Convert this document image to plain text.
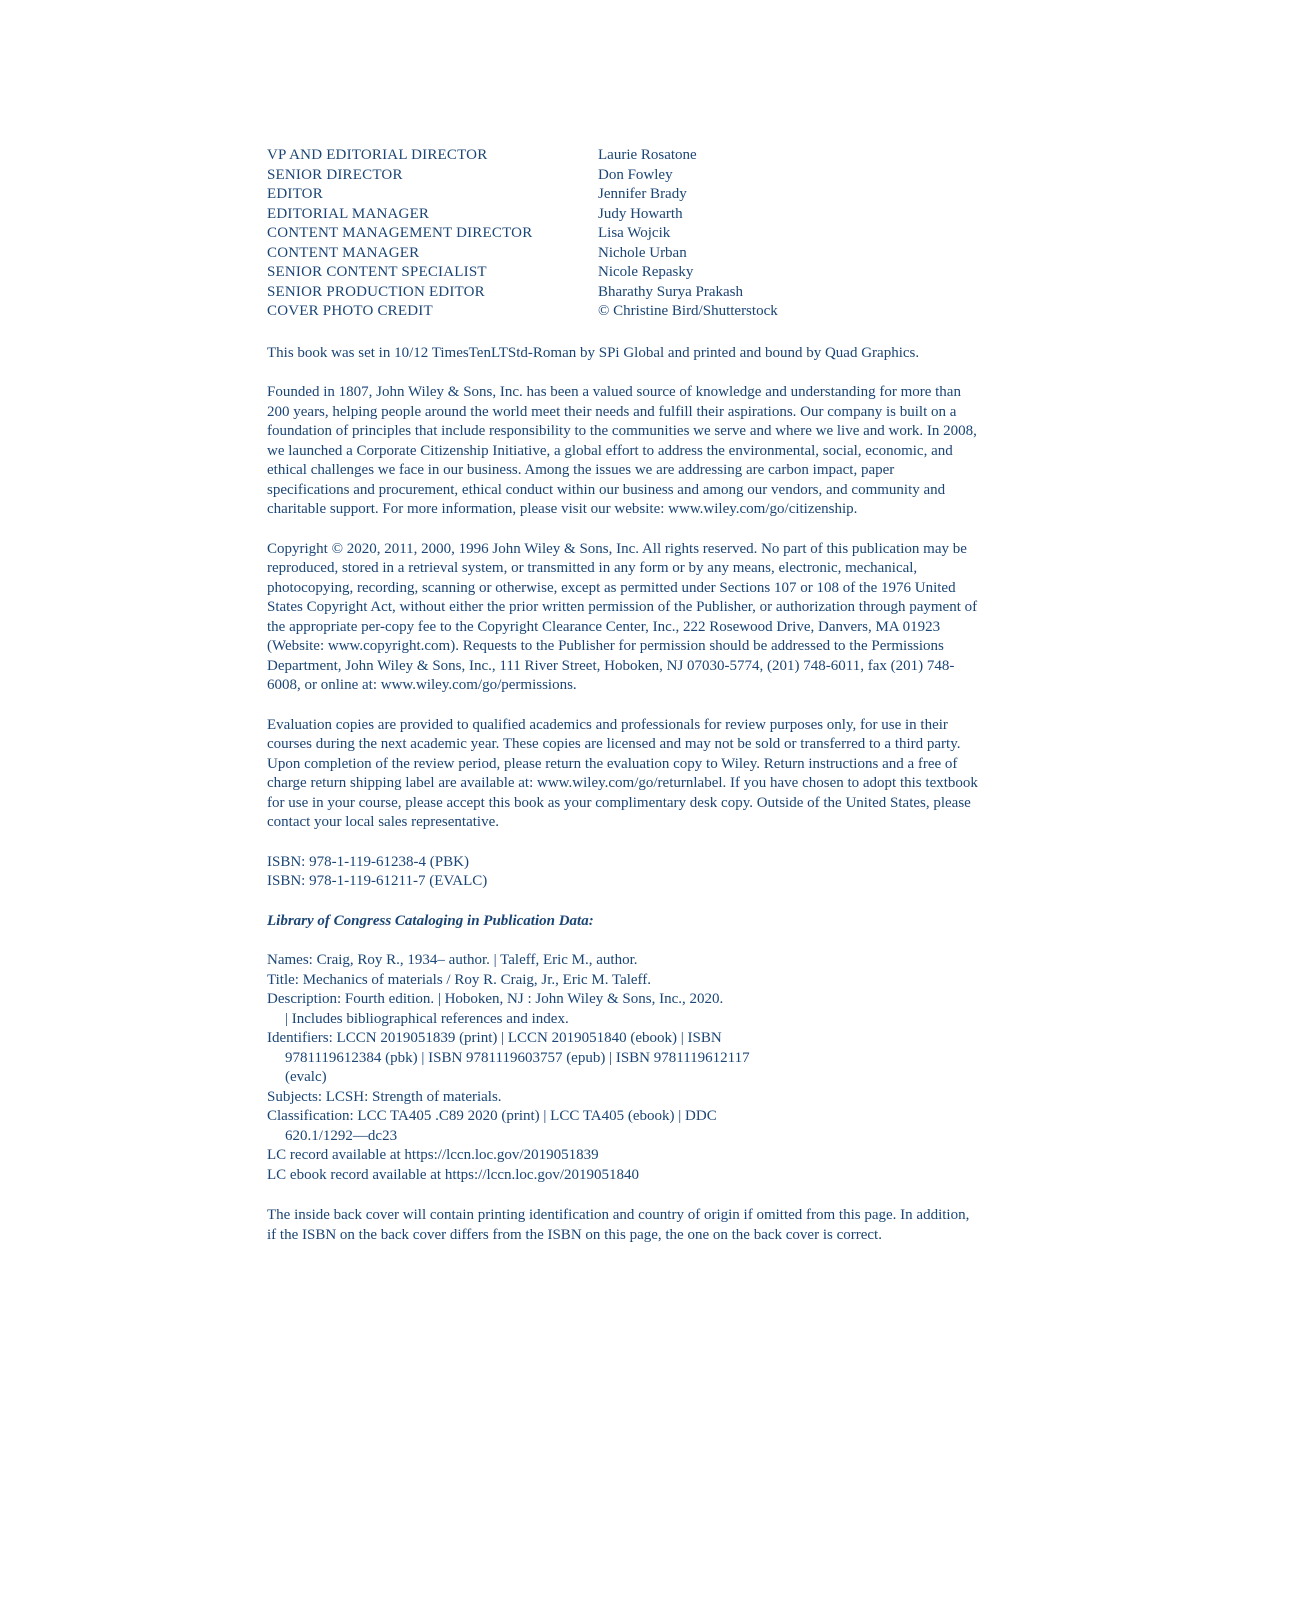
VP AND EDITORIAL DIRECTOR	Laurie Rosatone
SENIOR DIRECTOR	Don Fowley
EDITOR	Jennifer Brady
EDITORIAL MANAGER	Judy Howarth
CONTENT MANAGEMENT DIRECTOR	Lisa Wojcik
CONTENT MANAGER	Nichole Urban
SENIOR CONTENT SPECIALIST	Nicole Repasky
SENIOR PRODUCTION EDITOR	Bharathy Surya Prakash
COVER PHOTO CREDIT	© Christine Bird/Shutterstock

This book was set in 10/12 TimesTenLTStd-Roman by SPi Global and printed and bound by Quad Graphics.

Founded in 1807, John Wiley & Sons, Inc. has been a valued source of knowledge and understanding for more than 200 years, helping people around the world meet their needs and fulfill their aspirations. Our company is built on a foundation of principles that include responsibility to the communities we serve and where we live and work. In 2008, we launched a Corporate Citizenship Initiative, a global effort to address the environmental, social, economic, and ethical challenges we face in our business. Among the issues we are addressing are carbon impact, paper specifications and procurement, ethical conduct within our business and among our vendors, and community and charitable support. For more information, please visit our website: www.wiley.com/go/citizenship.

Copyright © 2020, 2011, 2000, 1996 John Wiley & Sons, Inc. All rights reserved. No part of this publication may be reproduced, stored in a retrieval system, or transmitted in any form or by any means, electronic, mechanical, photocopying, recording, scanning or otherwise, except as permitted under Sections 107 or 108 of the 1976 United States Copyright Act, without either the prior written permission of the Publisher, or authorization through payment of the appropriate per-copy fee to the Copyright Clearance Center, Inc., 222 Rosewood Drive, Danvers, MA 01923 (Website: www.copyright.com). Requests to the Publisher for permission should be addressed to the Permissions Department, John Wiley & Sons, Inc., 111 River Street, Hoboken, NJ 07030-5774, (201) 748-6011, fax (201) 748-6008, or online at: www.wiley.com/go/permissions.

Evaluation copies are provided to qualified academics and professionals for review purposes only, for use in their courses during the next academic year. These copies are licensed and may not be sold or transferred to a third party. Upon completion of the review period, please return the evaluation copy to Wiley. Return instructions and a free of charge return shipping label are available at: www.wiley.com/go/returnlabel. If you have chosen to adopt this textbook for use in your course, please accept this book as your complimentary desk copy. Outside of the United States, please contact your local sales representative.

ISBN: 978-1-119-61238-4 (PBK)
ISBN: 978-1-119-61211-7 (EVALC)

Library of Congress Cataloging in Publication Data:

Names: Craig, Roy R., 1934– author. | Taleff, Eric M., author.
Title: Mechanics of materials / Roy R. Craig, Jr., Eric M. Taleff.
Description: Fourth edition. | Hoboken, NJ : John Wiley & Sons, Inc., 2020.
| Includes bibliographical references and index.
Identifiers: LCCN 2019051839 (print) | LCCN 2019051840 (ebook) | ISBN
9781119612384 (pbk) | ISBN 9781119603757 (epub) | ISBN 9781119612117
(evalc)
Subjects: LCSH: Strength of materials.
Classification: LCC TA405 .C89 2020 (print) | LCC TA405 (ebook) | DDC
620.1/1292—dc23
LC record available at https://lccn.loc.gov/2019051839
LC ebook record available at https://lccn.loc.gov/2019051840

The inside back cover will contain printing identification and country of origin if omitted from this page. In addition, if the ISBN on the back cover differs from the ISBN on this page, the one on the back cover is correct.
